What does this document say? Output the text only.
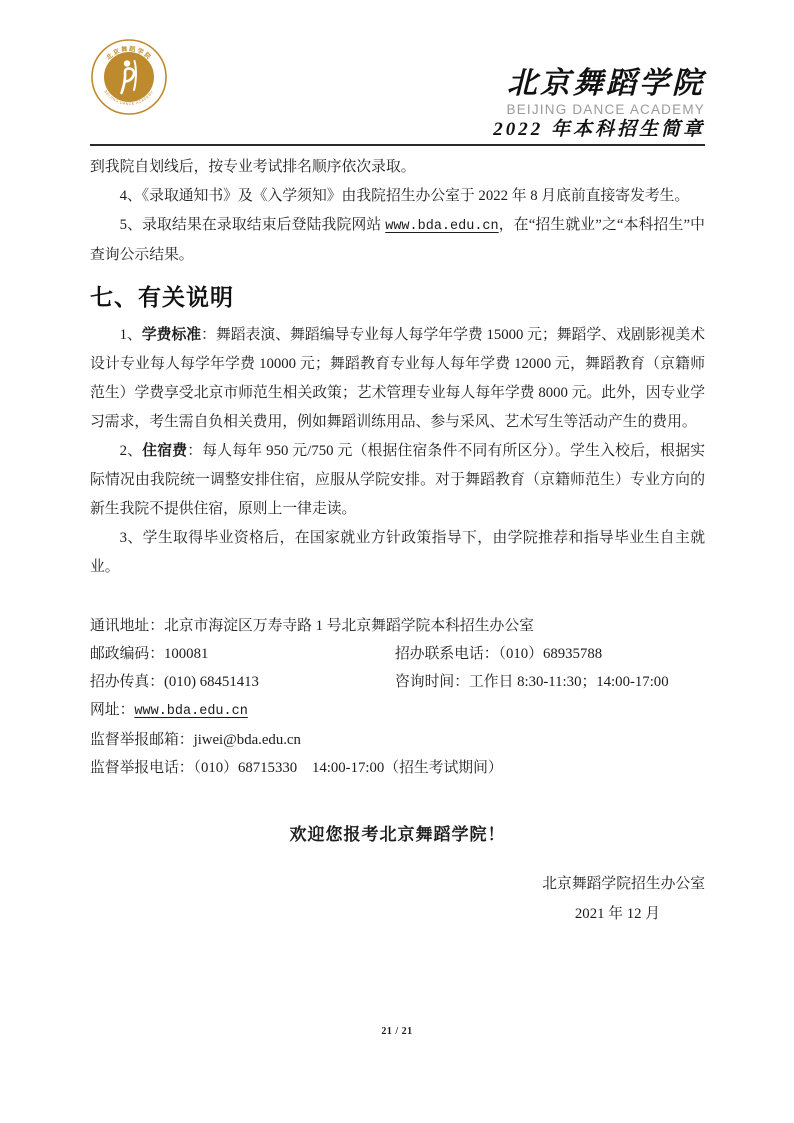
北京舞蹈学院
BEIJING DANCE ACADEMY	北京舞蹈学院
BEIJING DANCE ACADEMY
2022 年本科招生简章

到我院自划线后，按专业考试排名顺序依次录取。

4、《录取通知书》及《入学须知》由我院招生办公室于 2022 年 8 月底前直接寄发考生。

5、录取结果在录取结束后登陆我院网站 www.bda.edu.cn，在“招生就业”之“本科招生”中查询公示结果。

七、有关说明

1、学费标准：舞蹈表演、舞蹈编导专业每人每学年学费 15000 元；舞蹈学、戏剧影视美术设计专业每人每学年学费 10000 元；舞蹈教育专业每人每年学费 12000 元，舞蹈教育（京籍师范生）学费享受北京市师范生相关政策；艺术管理专业每人每年学费 8000 元。此外，因专业学习需求，考生需自负相关费用，例如舞蹈训练用品、参与采风、艺术写生等活动产生的费用。

2、住宿费：每人每年 950 元/750 元（根据住宿条件不同有所区分）。学生入校后，根据实际情况由我院统一调整安排住宿，应服从学院安排。对于舞蹈教育（京籍师范生）专业方向的新生我院不提供住宿，原则上一律走读。

3、学生取得毕业资格后，在国家就业方针政策指导下，由学院推荐和指导毕业生自主就业。

通讯地址：北京市海淀区万寿寺路 1 号北京舞蹈学院本科招生办公室
邮政编码：100081	招办联系电话：（010）68935788
招办传真：(010) 68451413	咨询时间：工作日 8:30-11:30；14:00-17:00
网址：www.bda.edu.cn
监督举报邮箱：jiwei@bda.edu.cn
监督举报电话：（010）68715330    14:00-17:00（招生考试期间）
欢迎您报考北京舞蹈学院！
北京舞蹈学院招生办公室
2021 年 12 月
21 / 21
